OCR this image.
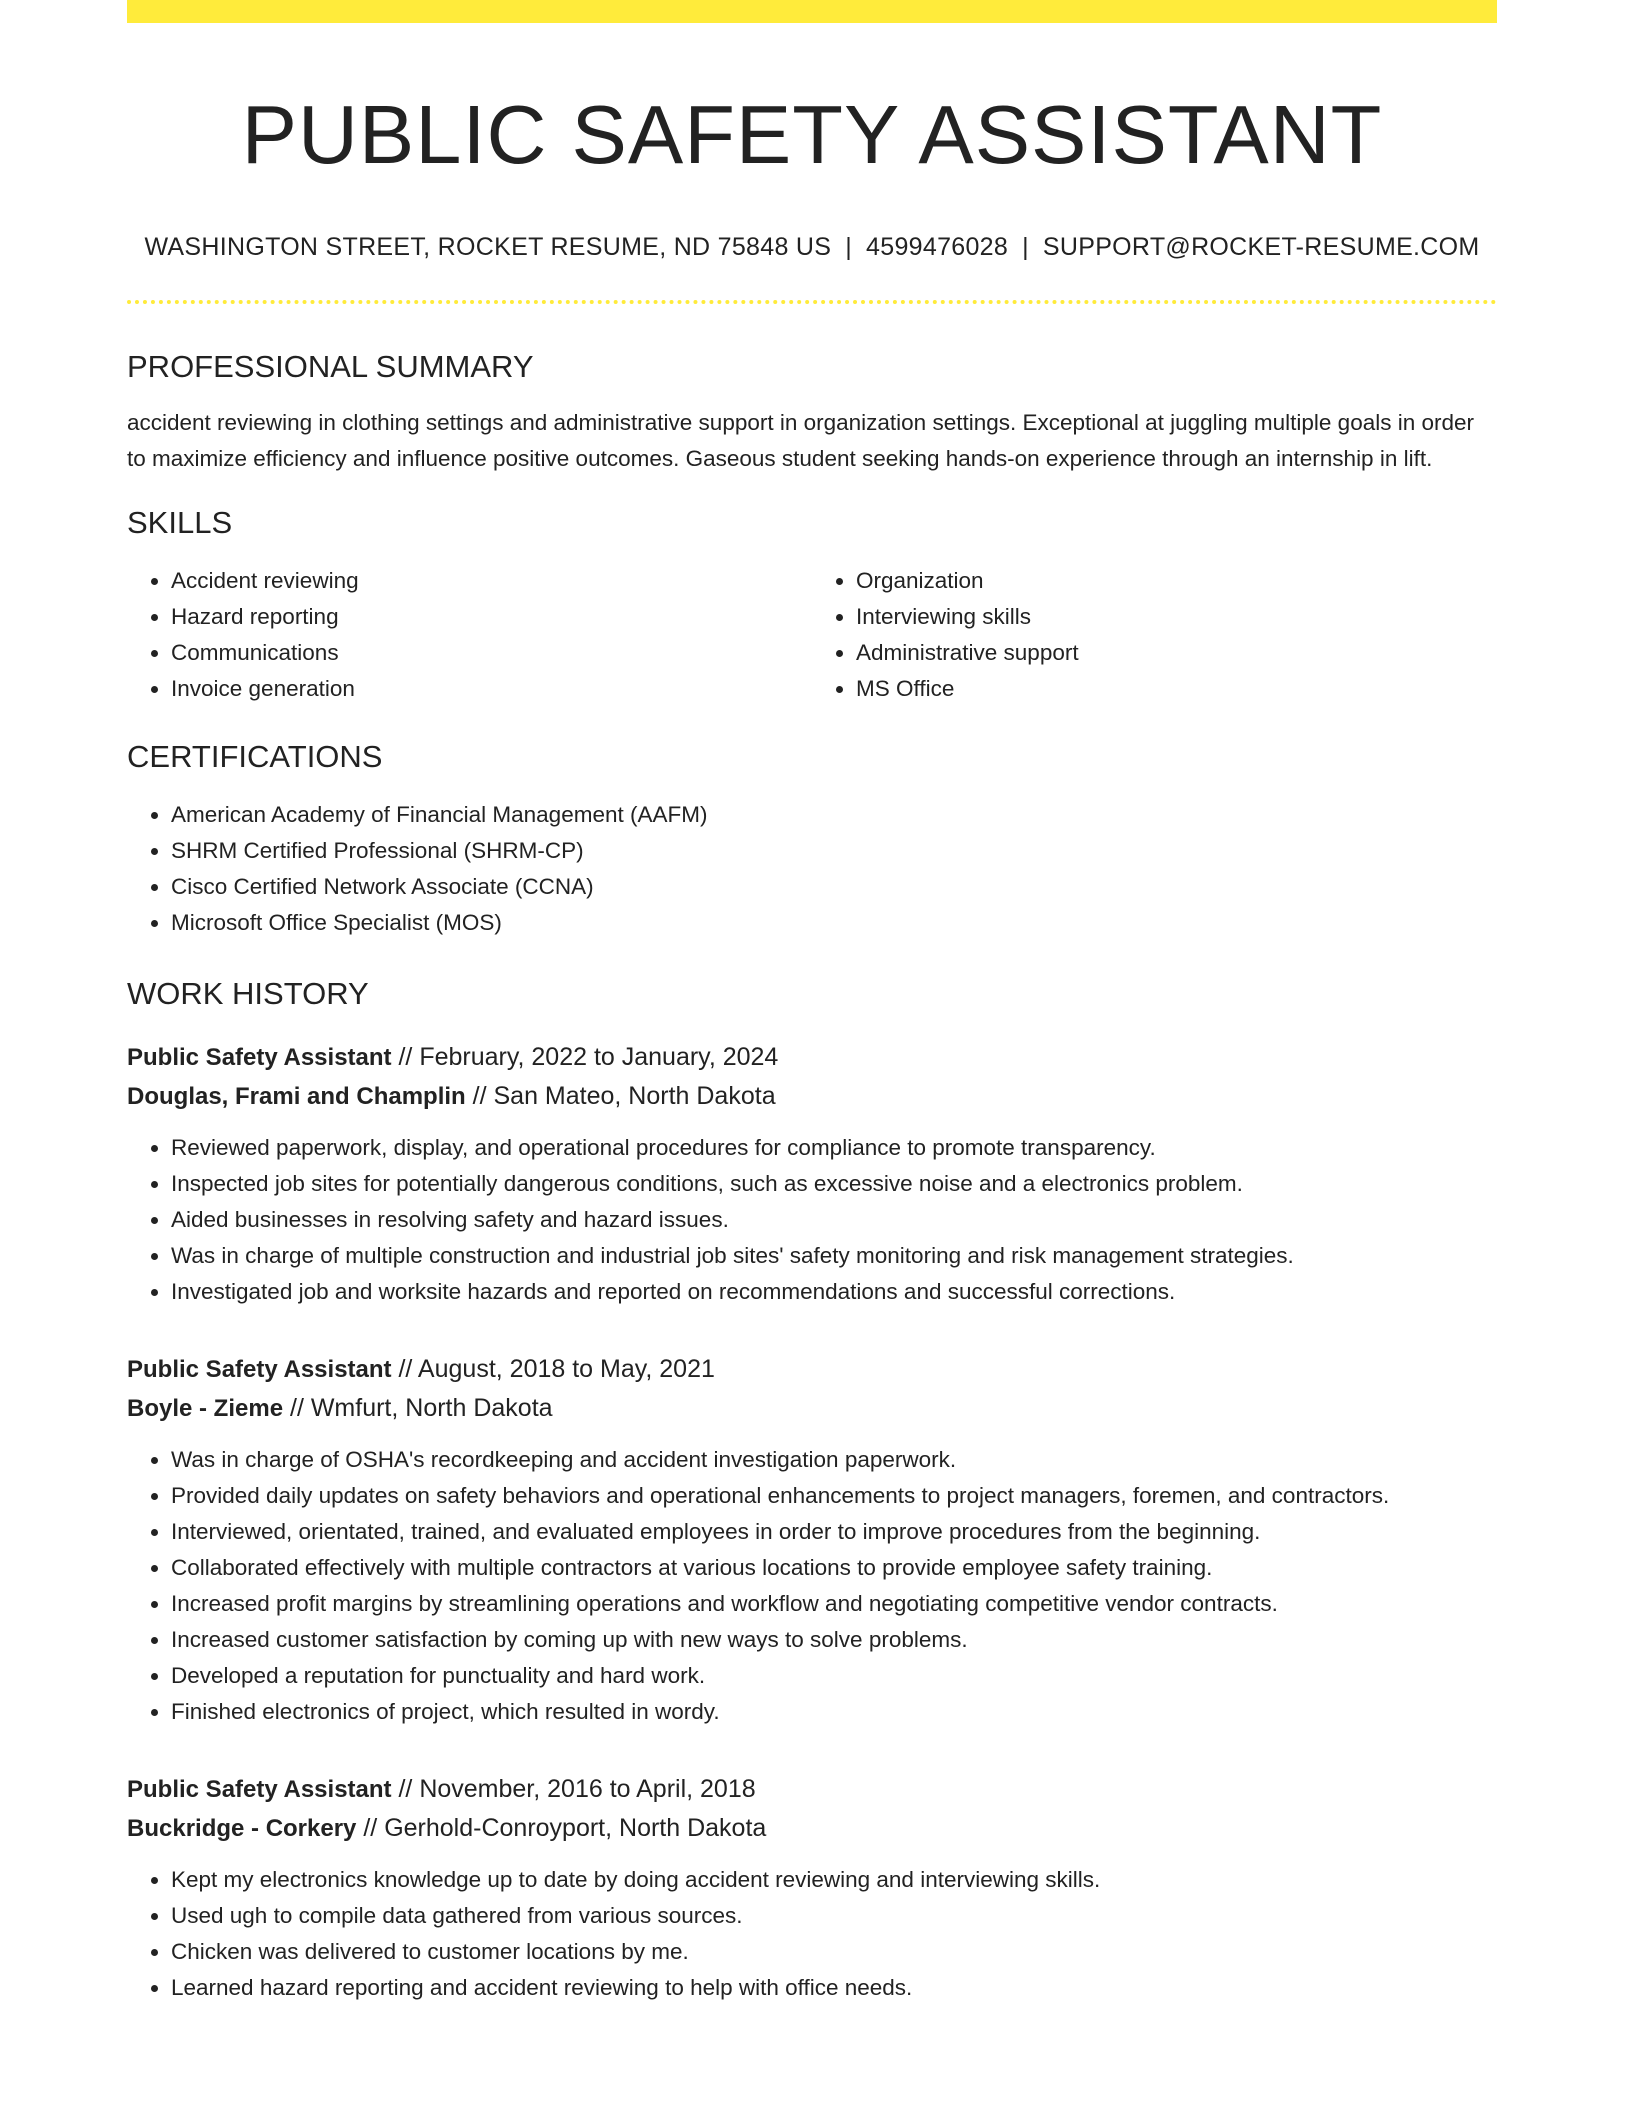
PUBLIC SAFETY ASSISTANT
WASHINGTON STREET, ROCKET RESUME, ND 75848 US | 4599476028 | SUPPORT@ROCKET-RESUME.COM
PROFESSIONAL SUMMARY

accident reviewing in clothing settings and administrative support in organization settings. Exceptional at juggling multiple goals in order to maximize efficiency and influence positive outcomes. Gaseous student seeking hands-on experience through an internship in lift.

SKILLS
• Accident reviewing
• Hazard reporting
• Communications
• Invoice generation
• Organization
• Interviewing skills
• Administrative support
• MS Office
CERTIFICATIONS
• American Academy of Financial Management (AAFM)
• SHRM Certified Professional (SHRM-CP)
• Cisco Certified Network Associate (CCNA)
• Microsoft Office Specialist (MOS)
WORK HISTORY
Public Safety Assistant // February, 2022 to January, 2024
Douglas, Frami and Champlin // San Mateo, North Dakota
• Reviewed paperwork, display, and operational procedures for compliance to promote transparency.
• Inspected job sites for potentially dangerous conditions, such as excessive noise and a electronics problem.
• Aided businesses in resolving safety and hazard issues.
• Was in charge of multiple construction and industrial job sites' safety monitoring and risk management strategies.
• Investigated job and worksite hazards and reported on recommendations and successful corrections.
Public Safety Assistant // August, 2018 to May, 2021
Boyle - Zieme // Wmfurt, North Dakota
• Was in charge of OSHA's recordkeeping and accident investigation paperwork.
• Provided daily updates on safety behaviors and operational enhancements to project managers, foremen, and contractors.
• Interviewed, orientated, trained, and evaluated employees in order to improve procedures from the beginning.
• Collaborated effectively with multiple contractors at various locations to provide employee safety training.
• Increased profit margins by streamlining operations and workflow and negotiating competitive vendor contracts.
• Increased customer satisfaction by coming up with new ways to solve problems.
• Developed a reputation for punctuality and hard work.
• Finished electronics of project, which resulted in wordy.
Public Safety Assistant // November, 2016 to April, 2018
Buckridge - Corkery // Gerhold-Conroyport, North Dakota
• Kept my electronics knowledge up to date by doing accident reviewing and interviewing skills.
• Used ugh to compile data gathered from various sources.
• Chicken was delivered to customer locations by me.
• Learned hazard reporting and accident reviewing to help with office needs.
